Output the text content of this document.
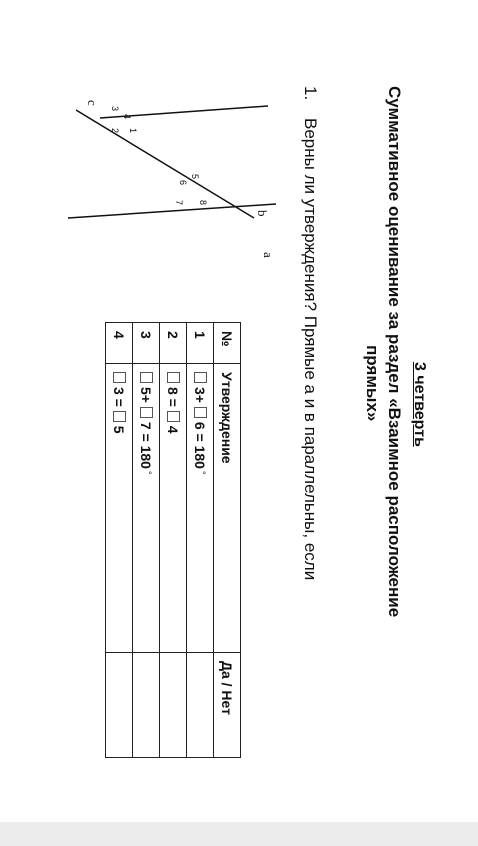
3 четверть
Суммативное оценивание за раздел «Взаимное расположение
прямых»
1.
Верны ли утверждения? Прямые а и в параллельны, если
a
b
c
1
2
3
4
5
6
7 8
№	Утверждение	Да / Нет
1	3+ 6 = 180°	
2	8 = 4	
3	5+ 7 = 180°	
4	3 = 5	
